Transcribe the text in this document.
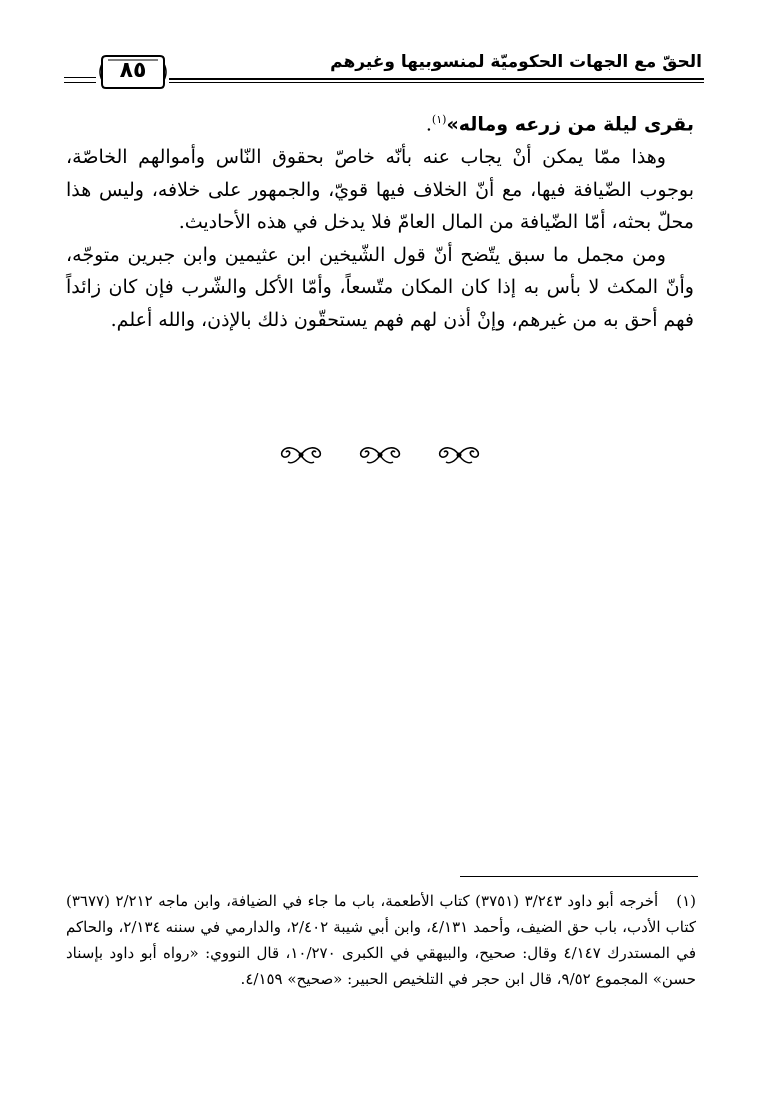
الحقّ مع الجهات الحكوميّة لمنسوبيها وغيرهم
٨٥

بقرى ليلة من زرعه وماله»$^{(١)}$.

وهذا ممّا يمكن أنْ يجاب عنه بأنّه خاصّ بحقوق النّاس وأموالهم الخاصّة، بوجوب الضّيافة فيها، مع أنّ الخلاف فيها قويّ، والجمهور على خلافه، وليس هذا محلّ بحثه، أمّا الضّيافة من المال العامّ فلا يدخل في هذه الأحاديث.

ومن مجمل ما سبق يتّضح أنّ قول الشّيخين ابن عثيمين وابن جبرين متوجّه، وأنّ المكث لا بأس به إذا كان المكان متّسعاً، وأمّا الأكل والشّرب فإن كان زائداً فهم أحق به من غيرهم، وإنْ أذن لهم فهم يستحقّون ذلك بالإذن، والله أعلم.

(١)أخرجه أبو داود ٣/٢٤٣ (٣٧٥١) كتاب الأطعمة، باب ما جاء في الضيافة، وابن ماجه ٢/٢١٢ (٣٦٧٧) كتاب الأدب، باب حق الضيف، وأحمد ٤/١٣١، وابن أبي شيبة ٢/٤٠٢، والدارمي في سننه ٢/١٣٤، والحاكم في المستدرك ٤/١٤٧ وقال: صحيح، والبيهقي في الكبرى ١٠/٢٧٠، قال النووي: «رواه أبو داود بإسناد حسن» المجموع ٩/٥٢، قال ابن حجر في التلخيص الحبير: «صحيح» ٤/١٥٩.
